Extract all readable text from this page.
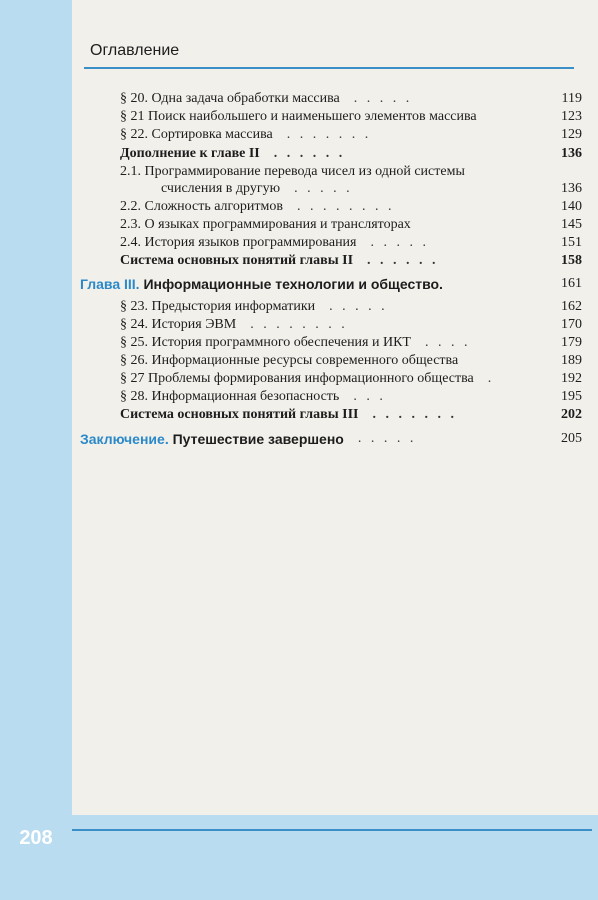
Оглавление
§ 20. Одна задача обработки массива . . . . .	119
§ 21 Поиск наибольшего и наименьшего элементов массива	123
§ 22. Сортировка массива . . . . . . .	129
Дополнение к главе II . . . . . .	136
2.1. Программирование перевода чисел из одной системы
счисления в другую . . . . .	136
2.2. Сложность алгоритмов . . . . . . . .	140
2.3. О языках программирования и трансляторах	145
2.4. История языков программирования . . . . .	151
Система основных понятий главы II . . . . . .	158
Глава III. Информационные технологии и общество.	161
§ 23. Предыстория информатики . . . . .	162
§ 24. История ЭВМ . . . . . . . .	170
§ 25. История программного обеспечения и ИКТ . . . .	179
§ 26. Информационные ресурсы современного общества	189
§ 27 Проблемы формирования информационного общества .	192
§ 28. Информационная безопасность . . .	195
Система основных понятий главы III . . . . . . .	202
Заключение. Путешествие завершено . . . . .	205
208
